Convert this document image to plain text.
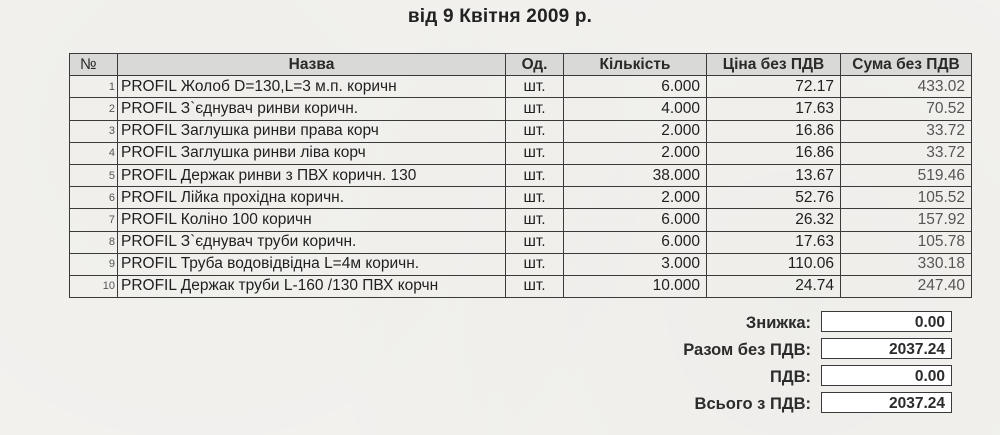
від 9 Квітня 2009 р.
№	Назва	Од.	Кількість	Ціна без ПДВ	Сума без ПДВ
1	PROFIL Жолоб D=130,L=3 м.п. коричн	шт.	6.000	72.17	433.02
2	PROFIL З`єднувач ринви коричн.	шт.	4.000	17.63	70.52
3	PROFIL Заглушка ринви права корч	шт.	2.000	16.86	33.72
4	PROFIL Заглушка ринви ліва корч	шт.	2.000	16.86	33.72
5	PROFIL Держак ринви з ПВХ коричн. 130	шт.	38.000	13.67	519.46
6	PROFIL Лійка прохідна коричн.	шт.	2.000	52.76	105.52
7	PROFIL Коліно 100 коричн	шт.	6.000	26.32	157.92
8	PROFIL З`єднувач труби коричн.	шт.	6.000	17.63	105.78
9	PROFIL Труба водовідвідна L=4м коричн.	шт.	3.000	110.06	330.18
10	PROFIL Держак труби L-160 /130 ПВХ корчн	шт.	10.000	24.74	247.40
Знижка:	0.00
Разом без ПДВ:	2037.24
ПДВ:	0.00
Всього з ПДВ:	2037.24
